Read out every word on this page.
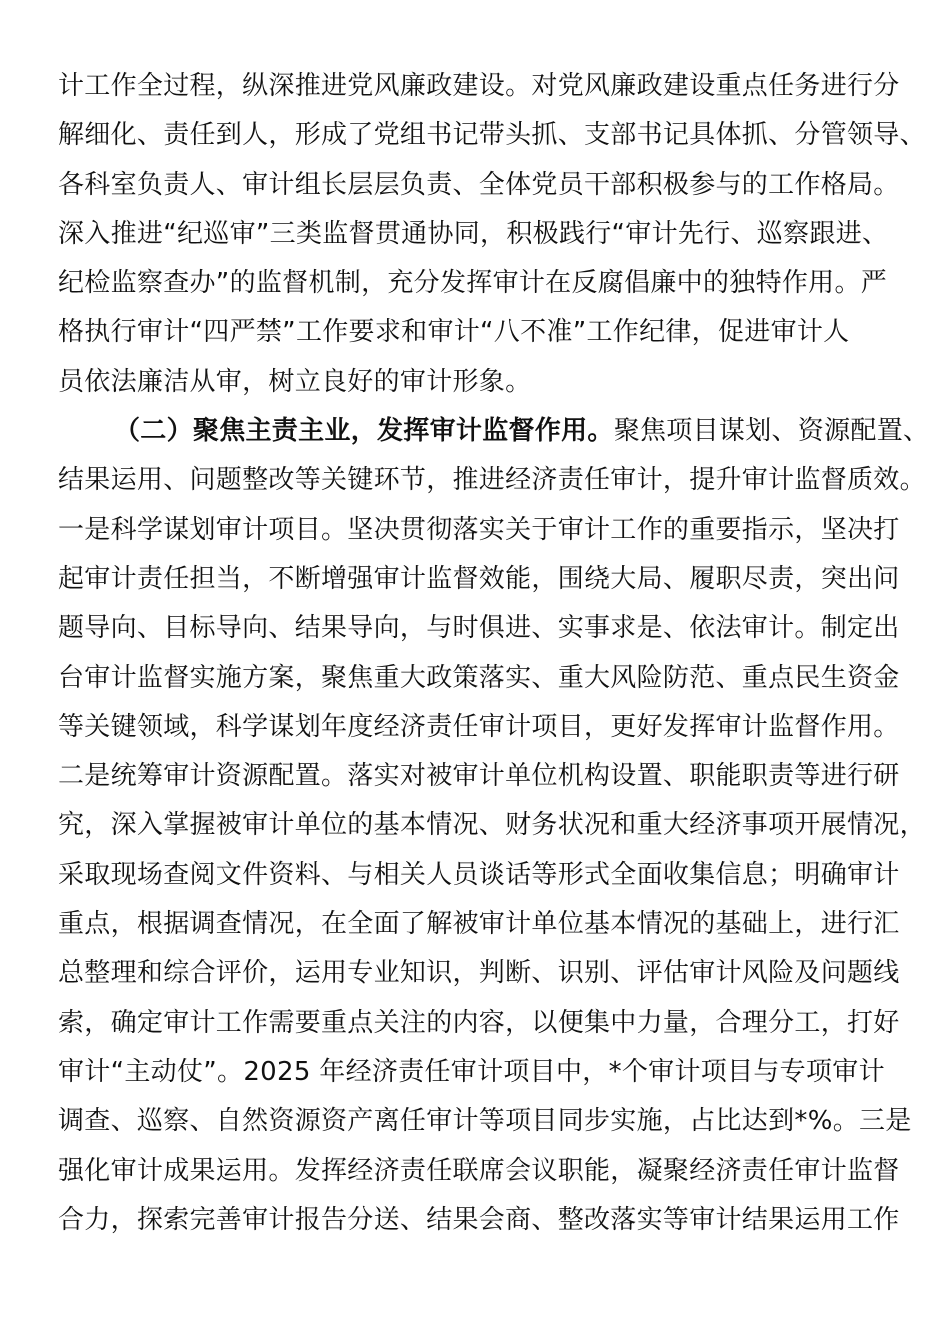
计工作全过程，纵深推进党风廉政建设。对党风廉政建设重点任务进行分
解细化、责任到人，形成了党组书记带头抓、支部书记具体抓、分管领导、
各科室负责人、审计组长层层负责、全体党员干部积极参与的工作格局。
深入推进“纪巡审”三类监督贯通协同，积极践行“审计先行、巡察跟进、
纪检监察查办”的监督机制，充分发挥审计在反腐倡廉中的独特作用。严
格执行审计“四严禁”工作要求和审计“八不准”工作纪律，促进审计人
员依法廉洁从审，树立良好的审计形象。
（二）聚焦主责主业，发挥审计监督作用。聚焦项目谋划、资源配置、
结果运用、问题整改等关键环节，推进经济责任审计，提升审计监督质效。
一是科学谋划审计项目。坚决贯彻落实关于审计工作的重要指示，坚决打
起审计责任担当，不断增强审计监督效能，围绕大局、履职尽责，突出问
题导向、目标导向、结果导向，与时俱进、实事求是、依法审计。制定出
台审计监督实施方案，聚焦重大政策落实、重大风险防范、重点民生资金
等关键领域，科学谋划年度经济责任审计项目，更好发挥审计监督作用。
二是统筹审计资源配置。落实对被审计单位机构设置、职能职责等进行研
究，深入掌握被审计单位的基本情况、财务状况和重大经济事项开展情况，
采取现场查阅文件资料、与相关人员谈话等形式全面收集信息；明确审计
重点，根据调查情况，在全面了解被审计单位基本情况的基础上，进行汇
总整理和综合评价，运用专业知识，判断、识别、评估审计风险及问题线
索，确定审计工作需要重点关注的内容，以便集中力量，合理分工，打好
审计“主动仗”。2025 年经济责任审计项目中，*个审计项目与专项审计
调查、巡察、自然资源资产离任审计等项目同步实施，占比达到*%。三是
强化审计成果运用。发挥经济责任联席会议职能，凝聚经济责任审计监督
合力，探索完善审计报告分送、结果会商、整改落实等审计结果运用工作
